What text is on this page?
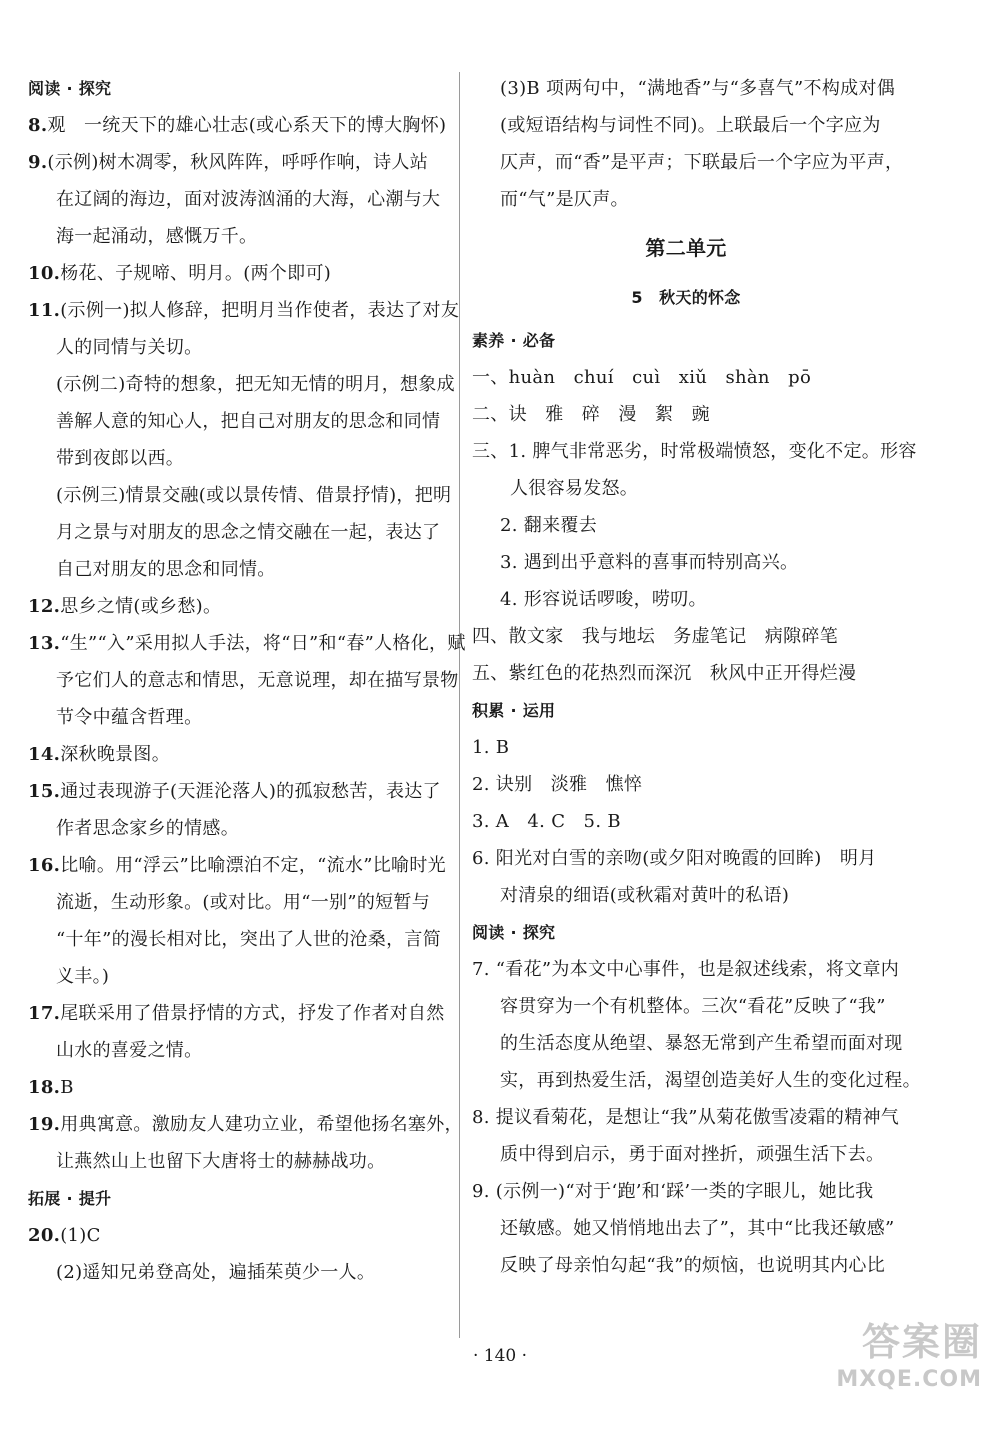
阅读 · 探究
8.观　一统天下的雄心壮志(或心系天下的博大胸怀)
9.(示例)树木凋零，秋风阵阵，呼呼作响，诗人站
在辽阔的海边，面对波涛汹涌的大海，心潮与大
海一起涌动，感慨万千。
10.杨花、子规啼、明月。(两个即可)
11.(示例一)拟人修辞，把明月当作使者，表达了对友
人的同情与关切。
(示例二)奇特的想象，把无知无情的明月，想象成
善解人意的知心人，把自己对朋友的思念和同情
带到夜郎以西。
(示例三)情景交融(或以景传情、借景抒情)，把明
月之景与对朋友的思念之情交融在一起，表达了
自己对朋友的思念和同情。
12.思乡之情(或乡愁)。
13.“生”“入”采用拟人手法，将“日”和“春”人格化，赋
予它们人的意志和情思，无意说理，却在描写景物
节令中蕴含哲理。
14.深秋晚景图。
15.通过表现游子(天涯沦落人)的孤寂愁苦，表达了
作者思念家乡的情感。
16.比喻。用“浮云”比喻漂泊不定，“流水”比喻时光
流逝，生动形象。(或对比。用“一别”的短暂与
“十年”的漫长相对比，突出了人世的沧桑，言简
义丰。)
17.尾联采用了借景抒情的方式，抒发了作者对自然
山水的喜爱之情。
18.B
19.用典寓意。激励友人建功立业，希望他扬名塞外，
让燕然山上也留下大唐将士的赫赫战功。
拓展 · 提升
20.(1)C
(2)遥知兄弟登高处，遍插茱萸少一人。
(3)B 项两句中，“满地香”与“多喜气”不构成对偶
(或短语结构与词性不同)。上联最后一个字应为
仄声，而“香”是平声；下联最后一个字应为平声，
而“气”是仄声。
第二单元
5　秋天的怀念
素养 · 必备
一、huàn　chuí　cuì　xiǔ　shàn　pō
二、诀　雅　碎　漫　絮　豌
三、1. 脾气非常恶劣，时常极端愤怒，变化不定。形容
人很容易发怒。
2. 翻来覆去
3. 遇到出乎意料的喜事而特别高兴。
4. 形容说话啰唆，唠叨。
四、散文家　我与地坛　务虚笔记　病隙碎笔
五、紫红色的花热烈而深沉　秋风中正开得烂漫
积累 · 运用
1. B
2. 诀别　淡雅　憔悴
3. A　4. C　5. B
6. 阳光对白雪的亲吻(或夕阳对晚霞的回眸)　明月
对清泉的细语(或秋霜对黄叶的私语)
阅读 · 探究
7. “看花”为本文中心事件，也是叙述线索，将文章内
容贯穿为一个有机整体。三次“看花”反映了“我”
的生活态度从绝望、暴怒无常到产生希望而面对现
实，再到热爱生活，渴望创造美好人生的变化过程。
8. 提议看菊花，是想让“我”从菊花傲雪凌霜的精神气
质中得到启示，勇于面对挫折，顽强生活下去。
9. (示例一)“对于‘跑’和‘踩’一类的字眼儿，她比我
还敏感。她又悄悄地出去了”，其中“比我还敏感”
反映了母亲怕勾起“我”的烦恼，也说明其内心比
· 140 ·	答案圈
MXQE.COM
